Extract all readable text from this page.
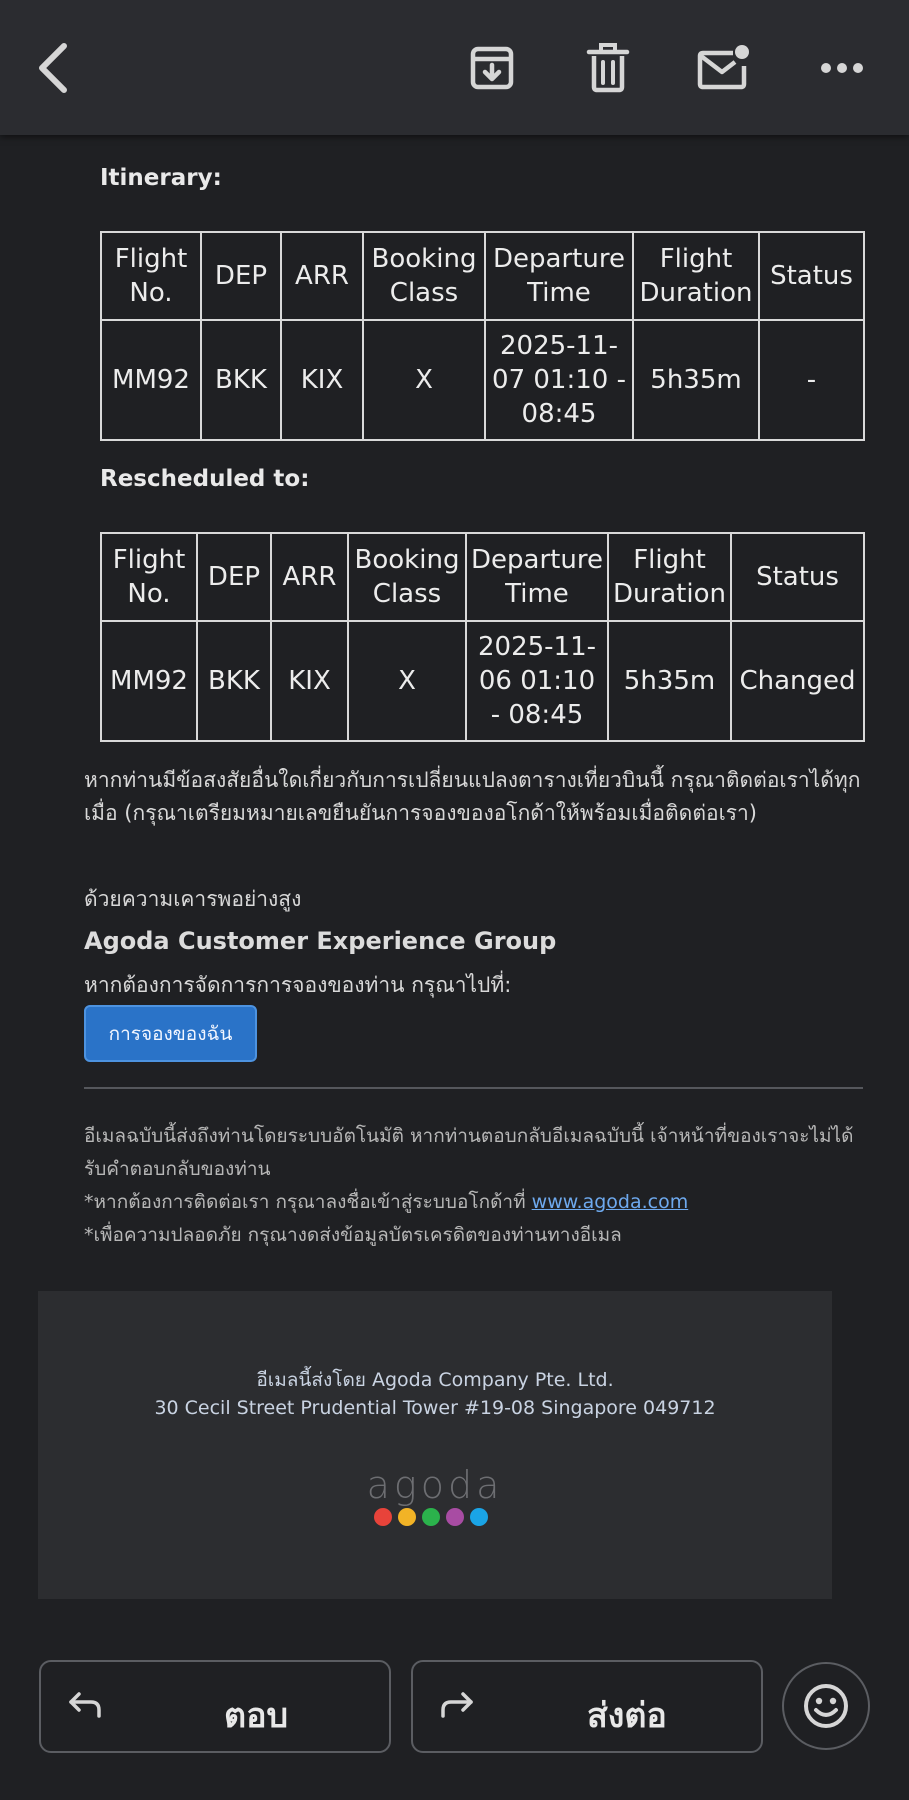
Itinerary:
Flight No.	DEP	ARR	Booking Class	Departure Time	Flight Duration	Status
MM92	BKK	KIX	X	2025-11-07 01:10 - 08:45	5h35m	-
Rescheduled to:
Flight No.	DEP	ARR	Booking Class	Departure Time	Flight Duration	Status
MM92	BKK	KIX	X	2025-11-06 01:10 - 08:45	5h35m	Changed
หากท่านมีข้อสงสัยอื่นใดเกี่ยวกับการเปลี่ยนแปลงตารางเที่ยวบินนี้ กรุณาติดต่อเราได้ทุกเมื่อ (กรุณาเตรียมหมายเลขยืนยันการจองของอโกด้าให้พร้อมเมื่อติดต่อเรา)
ด้วยความเคารพอย่างสูง
Agoda Customer Experience Group
หากต้องการจัดการการจองของท่าน กรุณาไปที่:
การจองของฉัน
อีเมลฉบับนี้ส่งถึงท่านโดยระบบอัตโนมัติ หากท่านตอบกลับอีเมลฉบับนี้ เจ้าหน้าที่ของเราจะไม่ได้รับคำตอบกลับของท่าน
*หากต้องการติดต่อเรา กรุณาลงชื่อเข้าสู่ระบบอโกด้าที่ www.agoda.com
*เพื่อความปลอดภัย กรุณางดส่งข้อมูลบัตรเครดิตของท่านทางอีเมล
อีเมลนี้ส่งโดย Agoda Company Pte. Ltd.
30 Cecil Street Prudential Tower #19-08 Singapore 049712
agoda
ตอบ	ส่งต่อ
